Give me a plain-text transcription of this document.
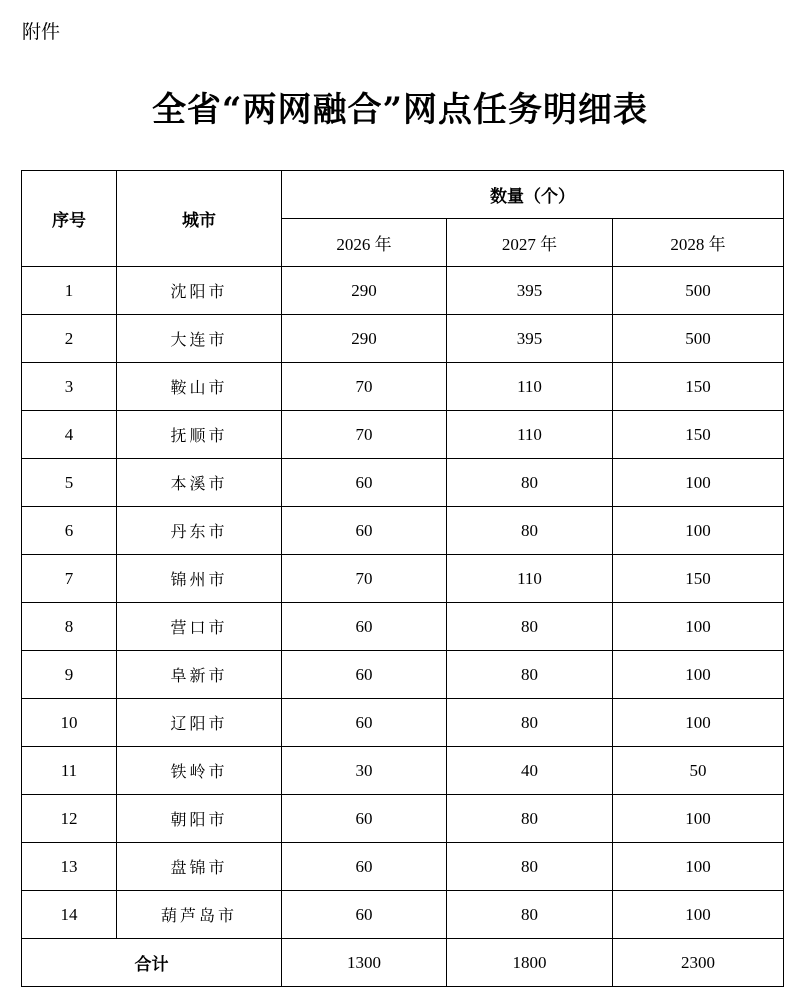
附件
全省“两网融合”网点任务明细表
序号	城市	数量（个）		
		2026 年	2027 年	2028 年
1	沈阳市	290	395	500
2	大连市	290	395	500
3	鞍山市	70	110	150
4	抚顺市	70	110	150
5	本溪市	60	80	100
6	丹东市	60	80	100
7	锦州市	70	110	150
8	营口市	60	80	100
9	阜新市	60	80	100
10	辽阳市	60	80	100
11	铁岭市	30	40	50
12	朝阳市	60	80	100
13	盘锦市	60	80	100
14	葫芦岛市	60	80	100
合计		1300	1800	2300
